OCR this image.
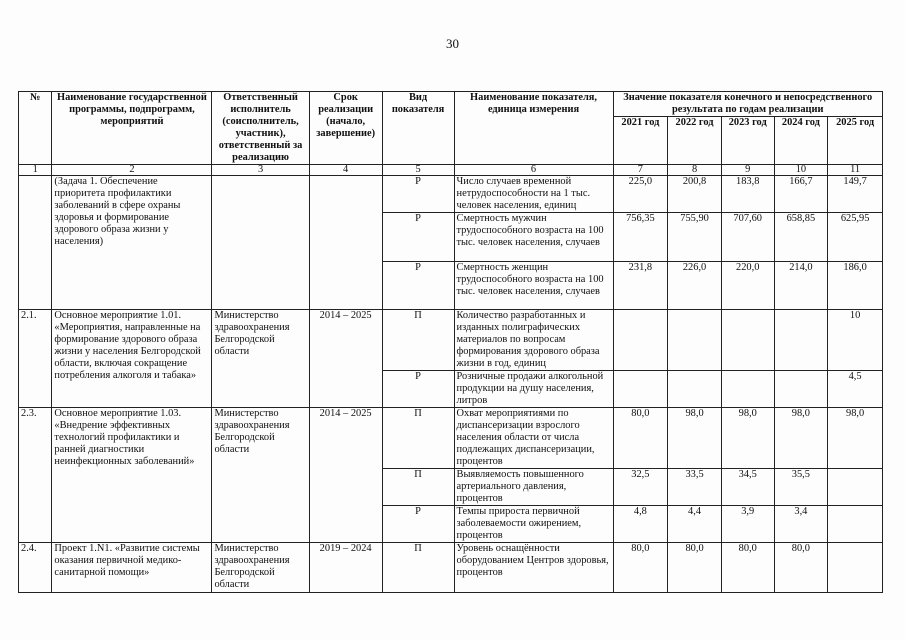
30
№	Наименование государственной программы, подпрограмм, мероприятий	Ответственный исполнитель (соисполнитель, участник), ответственный за реализацию	Срок реализации (начало, завершение)	Вид показателя	Наименование показателя, единица измерения	Значение показателя конечного и непосредственного результата по годам реализации				
						2021 год	2022 год	2023 год	2024 год	2025 год
1	2	3	4	5	6	7	8	9	10	11
	(Задача 1. Обеспечение приоритета профилактики заболеваний в сфере охраны здоровья и формирование здорового образа жизни у населения)			Р	Число случаев временной нетрудоспособности на 1 тыс. человек населения, единиц	225,0	200,8	183,8	166,7	149,7
				Р	Смертность мужчин трудоспособного возраста на 100 тыс. человек населения, случаев	756,35	755,90	707,60	658,85	625,95
				Р	Смертность женщин трудоспособного возраста на 100 тыс. человек населения, случаев	231,8	226,0	220,0	214,0	186,0
2.1.	Основное мероприятие 1.01. «Мероприятия, направленные на формирование здорового образа жизни у населения Белгородской области, включая сокращение потребления алкоголя и табака»	Министерство здравоохранения Белгородской области	2014 – 2025	П	Количество разработанных и изданных полиграфических материалов по вопросам формирования здорового образа жизни в год, единиц					10
				Р	Розничные продажи алкогольной продукции на душу населения, литров					4,5
2.3.	Основное мероприятие 1.03. «Внедрение эффективных технологий профилактики и ранней диагностики неинфекционных заболеваний»	Министерство здравоохранения Белгородской области	2014 – 2025	П	Охват мероприятиями по диспансеризации взрослого населения области от числа подлежащих диспансеризации, процентов	80,0	98,0	98,0	98,0	98,0
				П	Выявляемость повышенного артериального давления, процентов	32,5	33,5	34,5	35,5	
				Р	Темпы прироста первичной заболеваемости ожирением, процентов	4,8	4,4	3,9	3,4	
2.4.	Проект 1.N1. «Развитие системы оказания первичной медико-санитарной помощи»	Министерство здравоохранения Белгородской области	2019 – 2024	П	Уровень оснащённости оборудованием Центров здоровья, процентов	80,0	80,0	80,0	80,0	
